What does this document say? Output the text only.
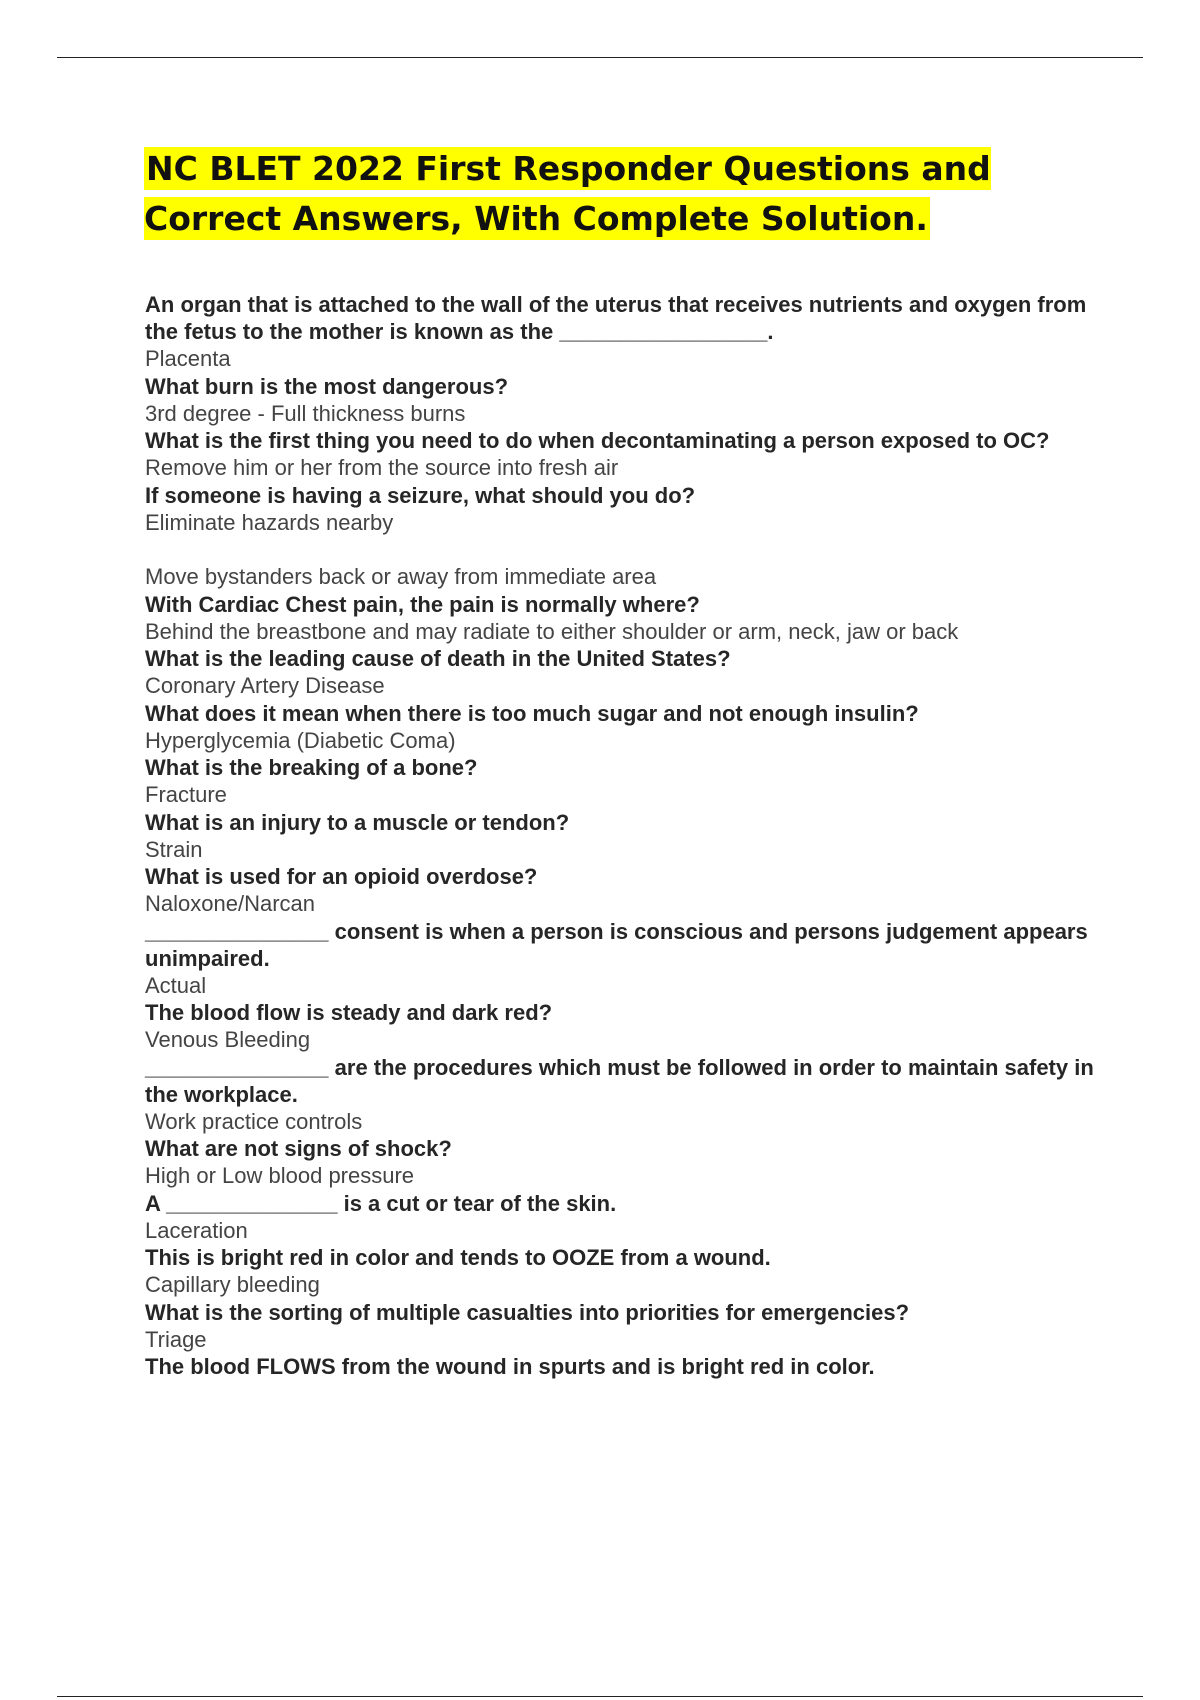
NC BLET 2022 First Responder Questions and Correct Answers, With Complete Solution.

An organ that is attached to the wall of the uterus that receives nutrients and oxygen from the fetus to the mother is known as the _________________.

Placenta

What burn is the most dangerous?

3rd degree - Full thickness burns

What is the first thing you need to do when decontaminating a person exposed to OC?

Remove him or her from the source into fresh air

If someone is having a seizure, what should you do?

Eliminate hazards nearby

Move bystanders back or away from immediate area

With Cardiac Chest pain, the pain is normally where?

Behind the breastbone and may radiate to either shoulder or arm, neck, jaw or back

What is the leading cause of death in the United States?

Coronary Artery Disease

What does it mean when there is too much sugar and not enough insulin?

Hyperglycemia (Diabetic Coma)

What is the breaking of a bone?

Fracture

What is an injury to a muscle or tendon?

Strain

What is used for an opioid overdose?

Naloxone/Narcan

_______________ consent is when a person is conscious and persons judgement appears unimpaired.

Actual

The blood flow is steady and dark red?

Venous Bleeding

_______________ are the procedures which must be followed in order to maintain safety in the workplace.

Work practice controls

What are not signs of shock?

High or Low blood pressure

A ______________ is a cut or tear of the skin.

Laceration

This is bright red in color and tends to OOZE from a wound.

Capillary bleeding

What is the sorting of multiple casualties into priorities for emergencies?

Triage

The blood FLOWS from the wound in spurts and is bright red in color.
